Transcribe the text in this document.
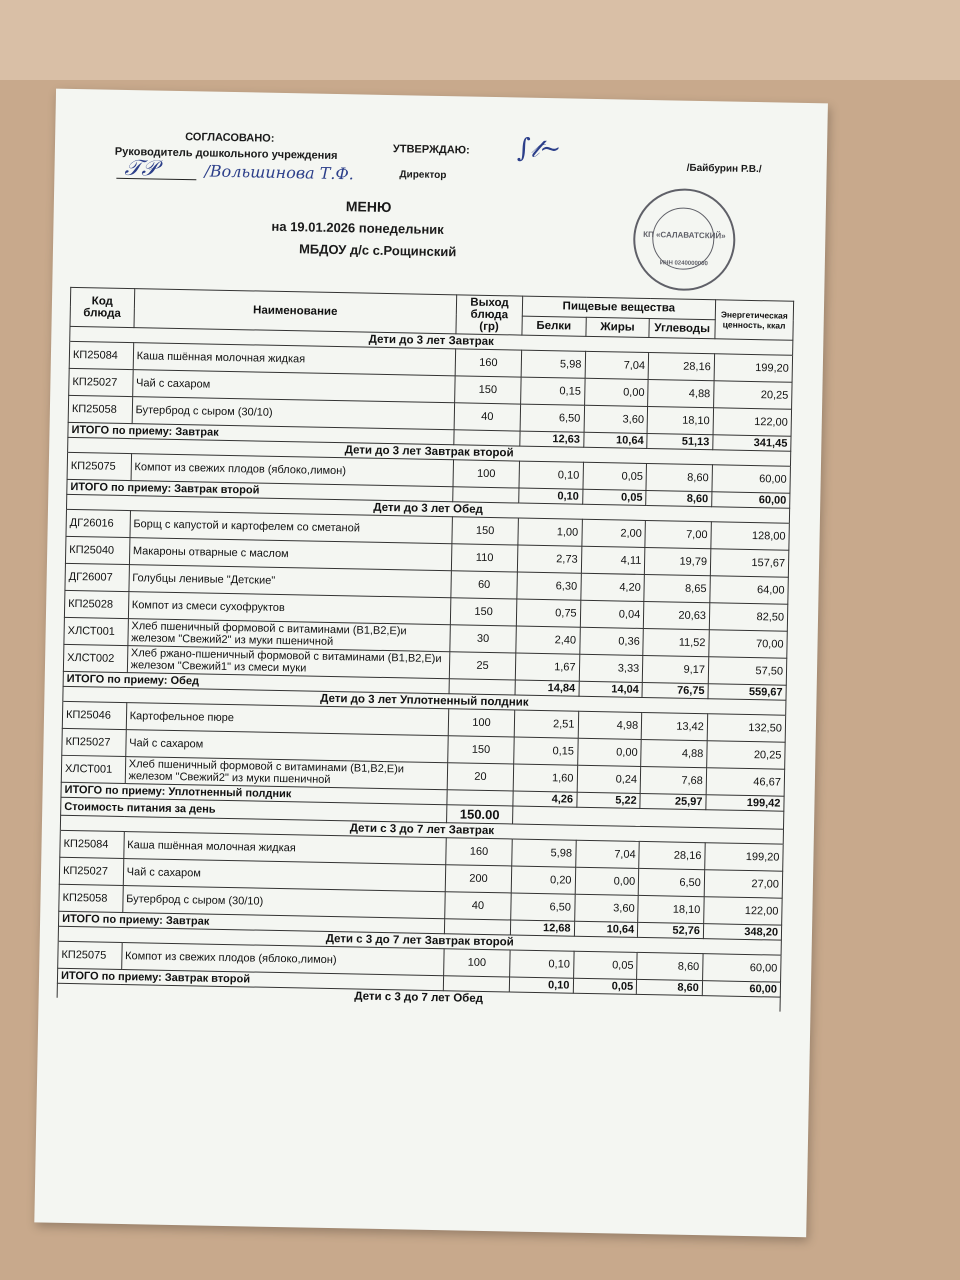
СОГЛАСОВАНО:
Руководитель дошкольного учреждения
𝒯𝒫	/Вольшинова Т.Ф.
УТВЕРЖДАЮ:
Директор
∫𝓉~
/Байбурин Р.В./
МЕНЮ
на 19.01.2026 понедельник
МБДОУ д/с с.Рощинский
КП «САЛАВАТСКИЙ»
ИНН 0240000000
Код блюда	Наименование	Выход блюда (гр)	Пищевые вещества			Энергетическая ценность, ккал
			Белки	Жиры	Углеводы	
Дети до 3 лет Завтрак						
КП25084	Каша пшённая молочная жидкая	160	5,98	7,04	28,16	199,20
КП25027	Чай с сахаром	150	0,15	0,00	4,88	20,25
КП25058	Бутерброд с сыром (30/10)	40	6,50	3,60	18,10	122,00
ИТОГО по приему: Завтрак			12,63	10,64	51,13	341,45
Дети до 3 лет Завтрак второй						
КП25075	Компот из свежих плодов (яблоко,лимон)	100	0,10	0,05	8,60	60,00
ИТОГО по приему: Завтрак второй			0,10	0,05	8,60	60,00
Дети до 3 лет Обед						
ДГ26016	Борщ с капустой и картофелем со сметаной	150	1,00	2,00	7,00	128,00
КП25040	Макароны отварные с маслом	110	2,73	4,11	19,79	157,67
ДГ26007	Голубцы ленивые "Детские"	60	6,30	4,20	8,65	64,00
КП25028	Компот из смеси сухофруктов	150	0,75	0,04	20,63	82,50
ХЛСТ001	Хлеб пшеничный формовой с витаминами (В1,В2,Е)и железом "Свежий2" из муки пшеничной	30	2,40	0,36	11,52	70,00
ХЛСТ002	Хлеб ржано-пшеничный формовой с витаминами (В1,В2,Е)и железом "Свежий1" из смеси муки	25	1,67	3,33	9,17	57,50
ИТОГО по приему: Обед			14,84	14,04	76,75	559,67
Дети до 3 лет Уплотненный полдник						
КП25046	Картофельное пюре	100	2,51	4,98	13,42	132,50
КП25027	Чай с сахаром	150	0,15	0,00	4,88	20,25
ХЛСТ001	Хлеб пшеничный формовой с витаминами (В1,В2,Е)и железом "Свежий2" из муки пшеничной	20	1,60	0,24	7,68	46,67
ИТОГО по приему: Уплотненный полдник			4,26	5,22	25,97	199,42
Стоимость питания за день		150.00				
Дети с 3 до 7 лет Завтрак						
КП25084	Каша пшённая молочная жидкая	160	5,98	7,04	28,16	199,20
КП25027	Чай с сахаром	200	0,20	0,00	6,50	27,00
КП25058	Бутерброд с сыром (30/10)	40	6,50	3,60	18,10	122,00
ИТОГО по приему: Завтрак			12,68	10,64	52,76	348,20
Дети с 3 до 7 лет Завтрак второй						
КП25075	Компот из свежих плодов (яблоко,лимон)	100	0,10	0,05	8,60	60,00
ИТОГО по приему: Завтрак второй			0,10	0,05	8,60	60,00
Дети с 3 до 7 лет Обед						
